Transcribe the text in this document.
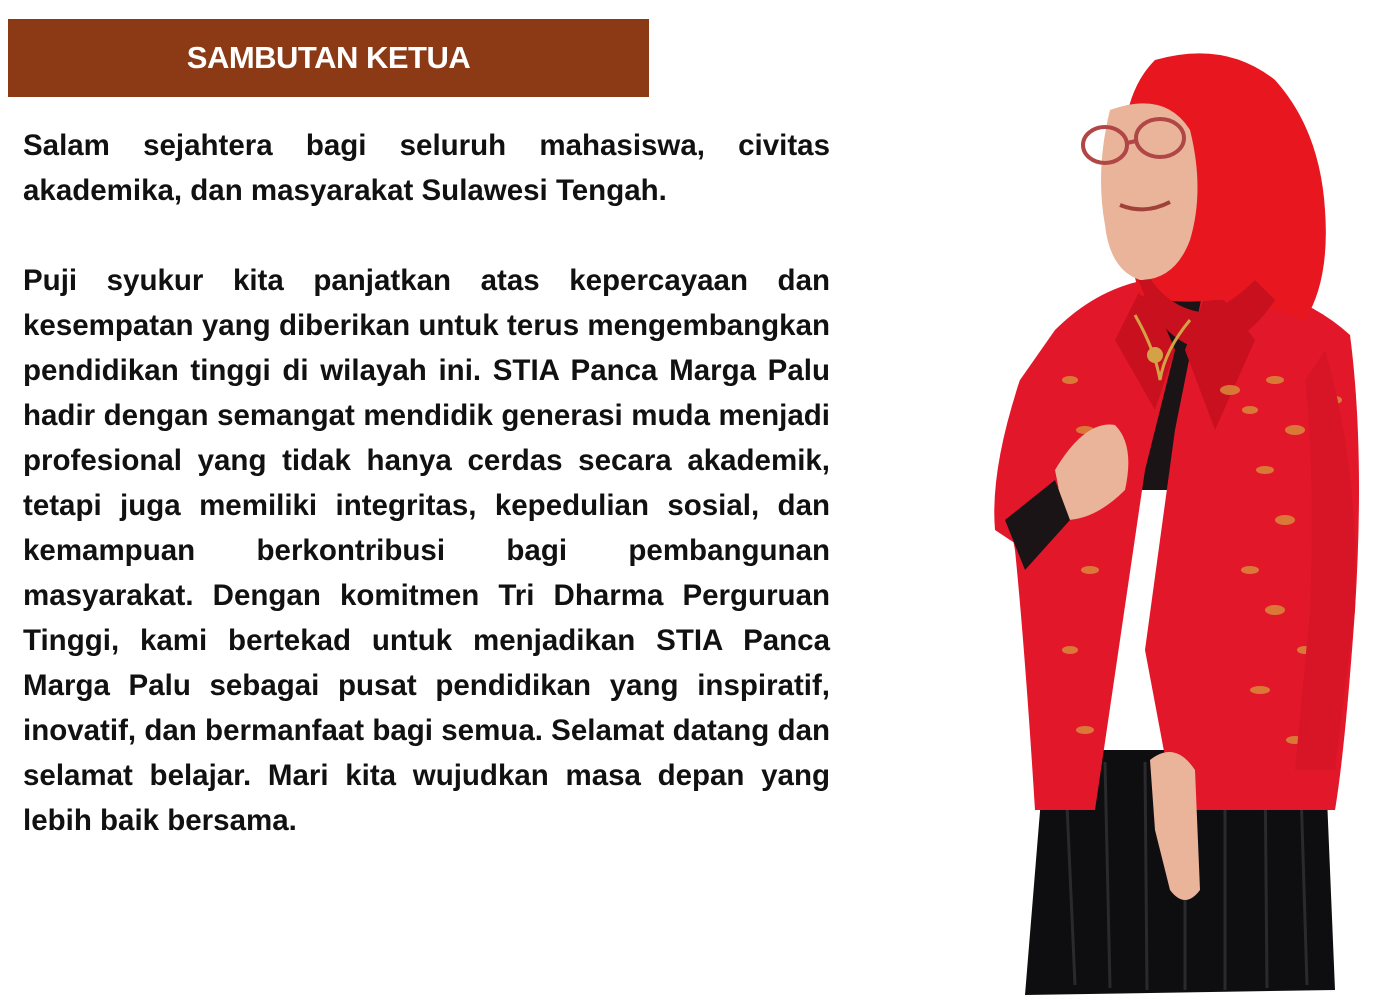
SAMBUTAN KETUA

Salam sejahtera bagi seluruh mahasiswa, civitas akademika, dan masyarakat Sulawesi Tengah.

Puji syukur kita panjatkan atas kepercayaan dan kesempatan yang diberikan untuk terus mengembangkan pendidikan tinggi di wilayah ini. STIA Panca Marga Palu hadir dengan semangat mendidik generasi muda menjadi profesional yang tidak hanya cerdas secara akademik, tetapi juga memiliki integritas, kepedulian sosial, dan kemampuan berkontribusi bagi pembangunan masyarakat. Dengan komitmen Tri Dharma Perguruan Tinggi, kami bertekad untuk menjadikan STIA Panca Marga Palu sebagai pusat pendidikan yang inspiratif, inovatif, dan bermanfaat bagi semua. Selamat datang dan selamat belajar. Mari kita wujudkan masa depan yang lebih baik bersama.
